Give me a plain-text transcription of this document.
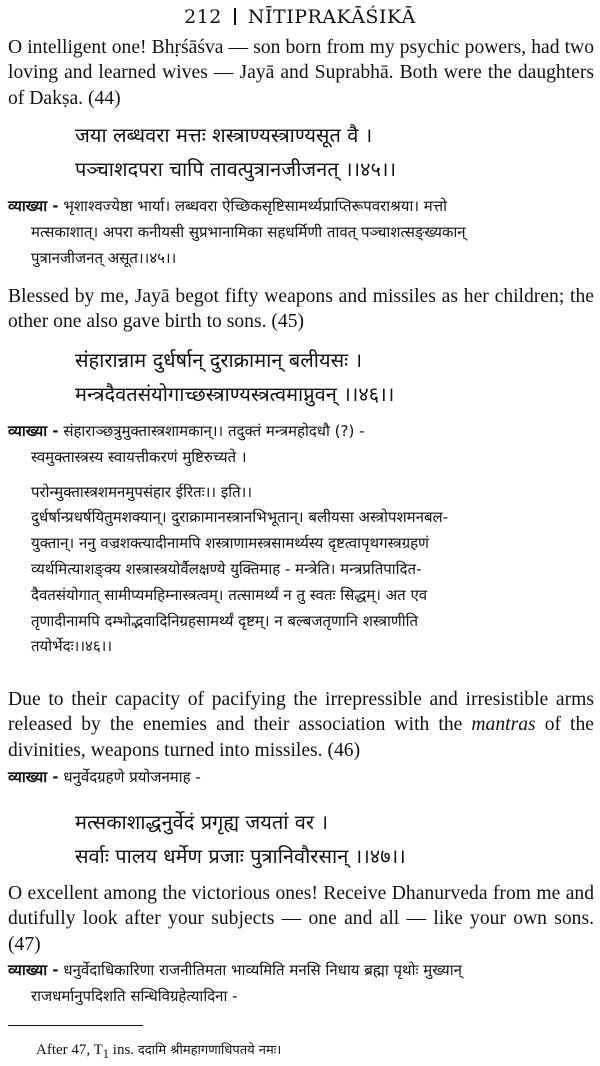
212 NĪTIPRAKĀŚIKĀ

O intelligent one! Bhṛśāśva — son born from my psychic powers, had two loving and learned wives — Jayā and Suprabhā. Both were the daughters of Dakṣa. (44)

जया लब्धवरा मत्तः शस्त्राण्यस्त्राण्यसूत वै ।
पञ्चाशदपरा चापि तावत्पुत्रानजीजनत् ।।४५।।
व्याख्या - भृशाश्वज्येष्ठा भार्या। लब्धवरा ऐच्छिकसृष्टिसामर्थ्यप्राप्तिरूपवराश्रया। मत्तो
मत्सकाशात्। अपरा कनीयसी सुप्रभानामिका सहधर्मिणी तावत् पञ्चाशत्सङ्ख्यकान्
पुत्रानजीजनत् असूत।।४५।।

Blessed by me, Jayā begot fifty weapons and missiles as her children; the other one also gave birth to sons. (45)

संहारान्नाम दुर्धर्षान् दुराक्रामान् बलीयसः ।
मन्त्रदैवतसंयोगाच्छस्त्राण्यस्त्रत्वमाप्नुवन् ।।४६।।
व्याख्या - संहाराञ्छत्रुमुक्तास्त्रशामकान्।। तदुक्तं मन्त्रमहोदधौ (?) -
स्वमुक्तास्त्रस्य स्वायत्तीकरणं मुष्टिरुच्यते ।
परोन्मुक्तास्त्रशमनमुपसंहार ईरितः।। इति।।
दुर्धर्षान्प्रधर्षयितुमशक्यान्। दुराक्रामानस्त्रानभिभूतान्। बलीयसा अस्त्रोपशमनबल-
युक्तान्। ननु वज्रशक्त्यादीनामपि शस्त्राणामस्त्रसामर्थ्यस्य दृष्टत्वापृथगस्त्रग्रहणं
व्यर्थमित्याशङ्क्य शस्त्रास्त्रयोर्वैलक्षण्ये युक्तिमाह - मन्त्रेति। मन्त्रप्रतिपादित-
दैवतसंयोगात् सामीप्यमहिम्नास्त्रत्वम्। तत्सामर्थ्यं न तु स्वतः सिद्धम्। अत एव
तृणादीनामपि दम्भोद्भवादिनिग्रहसामर्थ्यं दृष्टम्। न बल्बजतृणानि शस्त्राणीति
तयोर्भेदः।।४६।।

Due to their capacity of pacifying the irrepressible and irresistible arms released by the enemies and their association with the mantras of the divinities, weapons turned into missiles. (46)

व्याख्या - धनुर्वेदग्रहणे प्रयोजनमाह -
मत्सकाशाद्धनुर्वेदं प्रगृह्य जयतां वर ।
सर्वाः पालय धर्मेण प्रजाः पुत्रानिवौरसान् ।।४७।।

O excellent among the victorious ones! Receive Dhanurveda from me and dutifully look after your subjects — one and all — like your own sons. (47)

व्याख्या - धनुर्वेदाधिकारिणा राजनीतिमता भाव्यमिति मनसि निधाय ब्रह्मा पृथोः मुख्यान्
राजधर्मानुपदिशति सन्धिविग्रहेत्यादिना -
After 47, $T_1$ ins. ददामि श्रीमहागणाधिपतये नमः।
